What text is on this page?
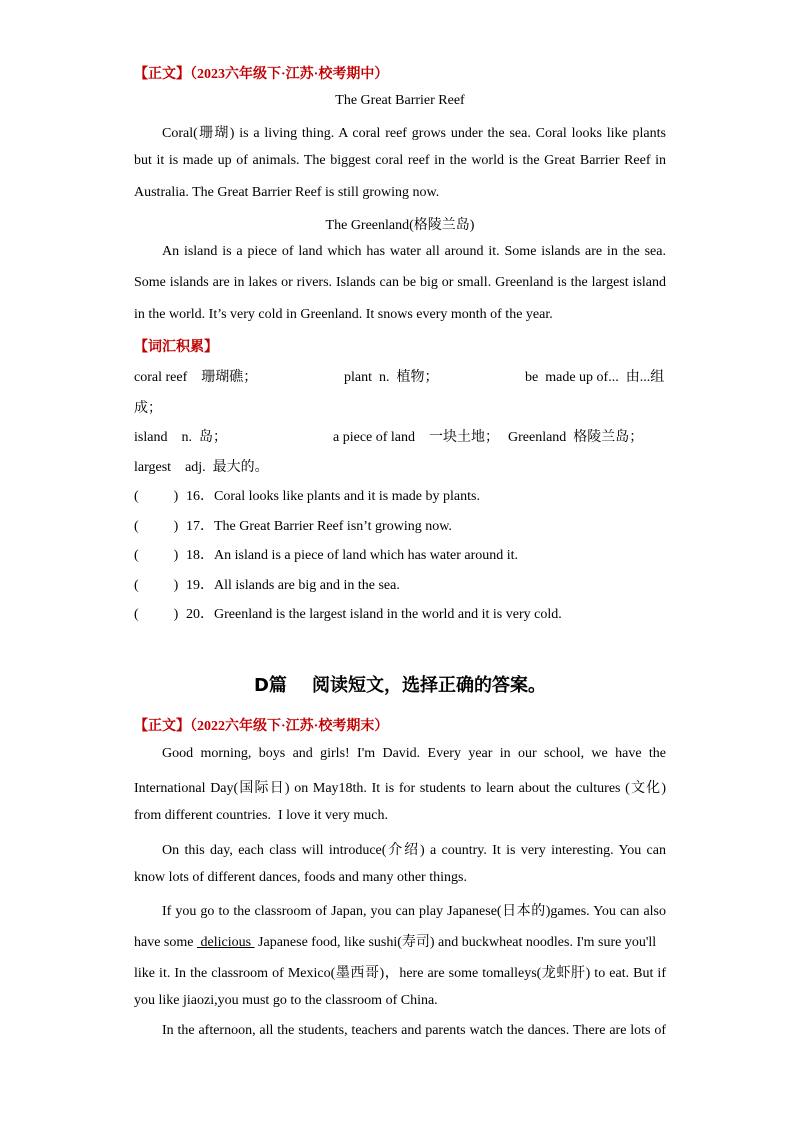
【正文】（2023六年级下·江苏·校考期中）
The Great Barrier Reef
Coral(珊瑚) is a living thing. A coral reef grows under the sea. Coral looks like plants
but it is made up of animals. The biggest coral reef in the world is the Great Barrier Reef in
Australia. The Great Barrier Reef is still growing now.
The Greenland(格陵兰岛)
An island is a piece of land which has water all around it. Some islands are in the sea.
Some islands are in lakes or rivers. Islands can be big or small. Greenland is the largest island
in the world. It’s very cold in Greenland. It snows every month of the year.
【词汇积累】
coral reef    珊瑚礁；	plant  n.  植物；	be  made up of...  由...组
成；
island    n.  岛；	a piece of land    一块土地； Greenland  格陵兰岛；
largest    adj.  最大的。
(          ) 16．Coral looks like plants and it is made by plants.
(          ) 17．The Great Barrier Reef isn’t growing now.
(          ) 18．An island is a piece of land which has water around it.
(          ) 19．All islands are big and in the sea.
(          ) 20．Greenland is the largest island in the world and it is very cold.
D篇    阅读短文，选择正确的答案。
【正文】（2022六年级下·江苏·校考期末）
Good morning, boys and girls! I'm David. Every year in our school, we have the
International Day(国际日) on May18th. It is for students to learn about the cultures (文化)
from different countries.  I love it very much.
On this day, each class will introduce(介绍) a country. It is very interesting. You can
know lots of different dances, foods and many other things.
If you go to the classroom of Japan, you can play Japanese(日本的)games. You can also
have some  delicious  Japanese food, like sushi(寿司) and buckwheat noodles. I'm sure you'll
like it. In the classroom of Mexico(墨西哥)，here are some tomalleys(龙虾肝) to eat. But if
you like jiaozi,you must go to the classroom of China.
In the afternoon, all the students, teachers and parents watch the dances. There are lots of
